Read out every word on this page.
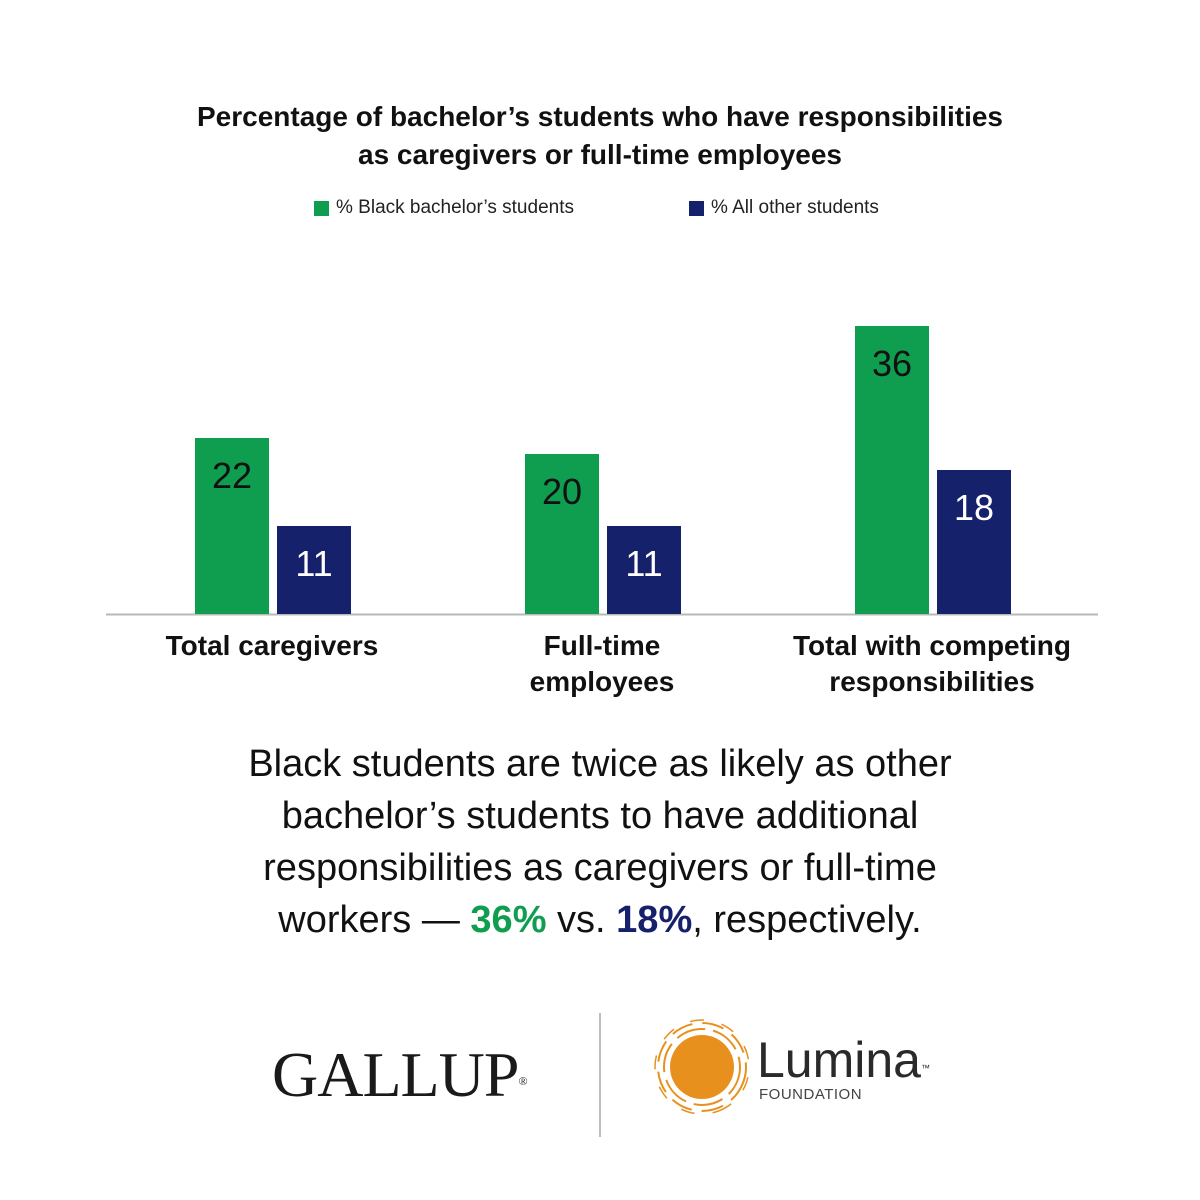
Percentage of bachelor’s students who have responsibilities
as caregivers or full-time employees
% Black bachelor’s students	% All other students
22	20
36
11	11
18
Total caregivers	Full-time
employees
Total with competing
responsibilities

Black students are twice as likely as other
bachelor’s students to have additional
responsibilities as caregivers or full-time
workers — 36% vs. 18%, respectively.

GALLUP®	Lumina™
FOUNDATION
